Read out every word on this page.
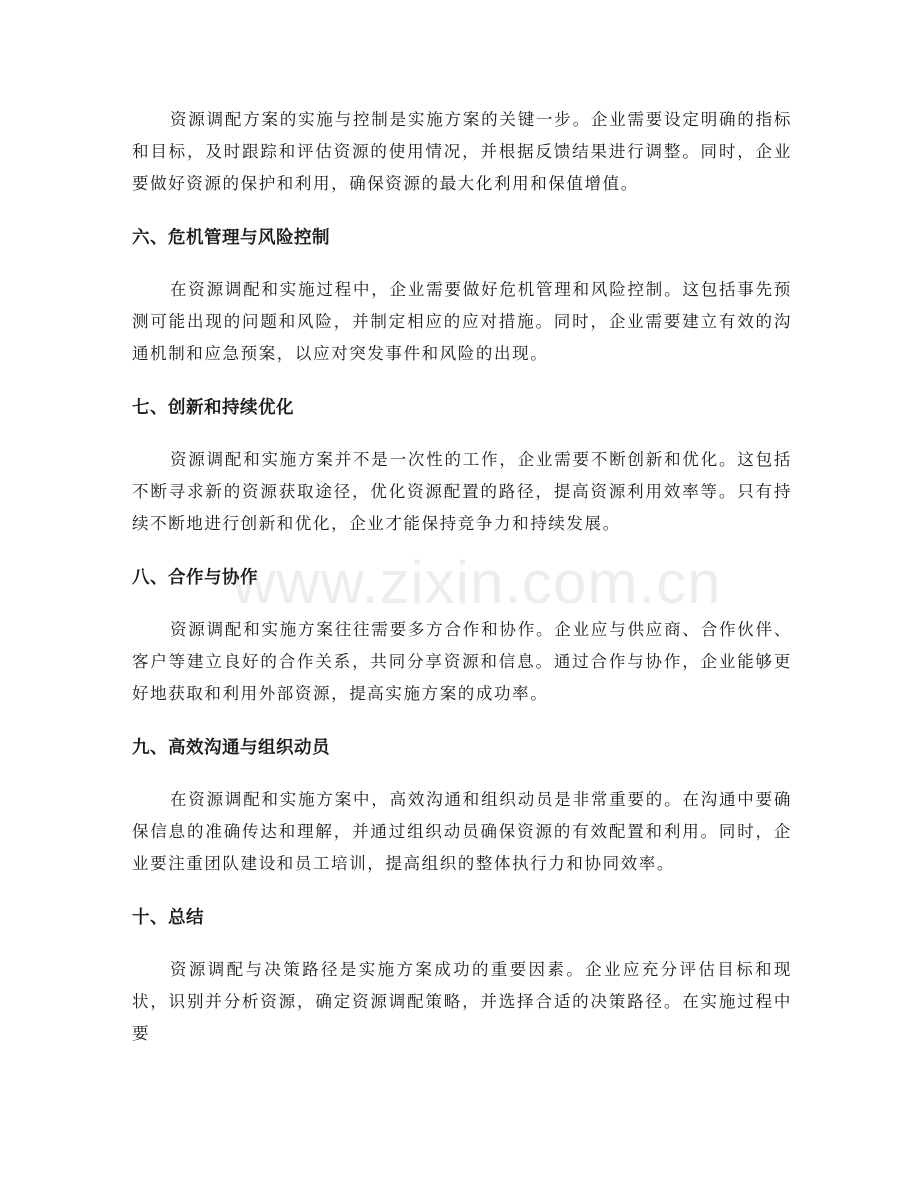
资源调配方案的实施与控制是实施方案的关键一步。企业需要设定明确的指标和目标，及时跟踪和评估资源的使用情况，并根据反馈结果进行调整。同时，企业要做好资源的保护和利用，确保资源的最大化利用和保值增值。

六、危机管理与风险控制

在资源调配和实施过程中，企业需要做好危机管理和风险控制。这包括事先预测可能出现的问题和风险，并制定相应的应对措施。同时，企业需要建立有效的沟通机制和应急预案，以应对突发事件和风险的出现。

七、创新和持续优化

资源调配和实施方案并不是一次性的工作，企业需要不断创新和优化。这包括不断寻求新的资源获取途径，优化资源配置的路径，提高资源利用效率等。只有持续不断地进行创新和优化，企业才能保持竞争力和持续发展。

八、合作与协作

资源调配和实施方案往往需要多方合作和协作。企业应与供应商、合作伙伴、客户等建立良好的合作关系，共同分享资源和信息。通过合作与协作，企业能够更好地获取和利用外部资源，提高实施方案的成功率。

九、高效沟通与组织动员

在资源调配和实施方案中，高效沟通和组织动员是非常重要的。在沟通中要确保信息的准确传达和理解，并通过组织动员确保资源的有效配置和利用。同时，企业要注重团队建设和员工培训，提高组织的整体执行力和协同效率。

十、总结

资源调配与决策路径是实施方案成功的重要因素。企业应充分评估目标和现状，识别并分析资源，确定资源调配策略，并选择合适的决策路径。在实施过程中要

www.zixin.com.cn
